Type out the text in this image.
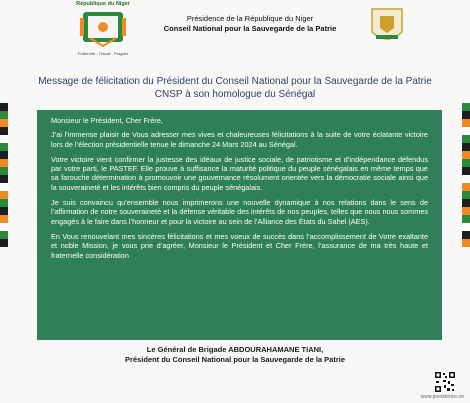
République du Niger
Fraternité - Travail - Progrès
Présidence de la République du Niger
Conseil National pour la Sauvegarde de la Patrie
Message de félicitation du Président du Conseil National pour la Sauvegarde de la Patrie
CNSP à son homologue du Sénégal
Monsieur le Président, Cher Frère,
J’ai l’immense plaisir de Vous adresser mes vives et chaleureuses félicitations à la suite de votre éclatante victoire lors de l’élection présidentielle tenue le dimanche 24 Mars 2024 au Sénégal.
Votre victoire vient confirmer la justesse des idéaux de justice sociale, de patriotisme et d’indépendance défendus par votre parti, le PASTEF. Elle prouve à suffisance la maturité politique du peuple sénégalais en même temps que sa farouche détermination à promouvoir une gouvernance résolument orientée vers la démocratie sociale ainsi que la souveraineté et les intérêts bien compris du peuple sénégalais.
Je suis convaincu qu’ensemble nous imprimerons une nouvelle dynamique à nos relations dans le sens de l’affirmation de notre souveraineté et la défense véritable des intérêts de nos peuples, telles que nous nous sommes engagés à le faire dans l’honneur et pour la victoire au sein de l’Alliance des États du Sahel (AES).
En Vous renouvelant mes sincères félicitations et mes voeux de succès dans l’accomplissement de Votre exaltante et noble Mission, je vous prie d’agréer, Monsieur le Président et Cher Frère, l’assurance de ma très haute et fraternelle considération
Le Général de Brigade ABDOURAHAMANE TIANI,
Président du Conseil National pour la Sauvegarde de la Patrie
www.presidence.ne
